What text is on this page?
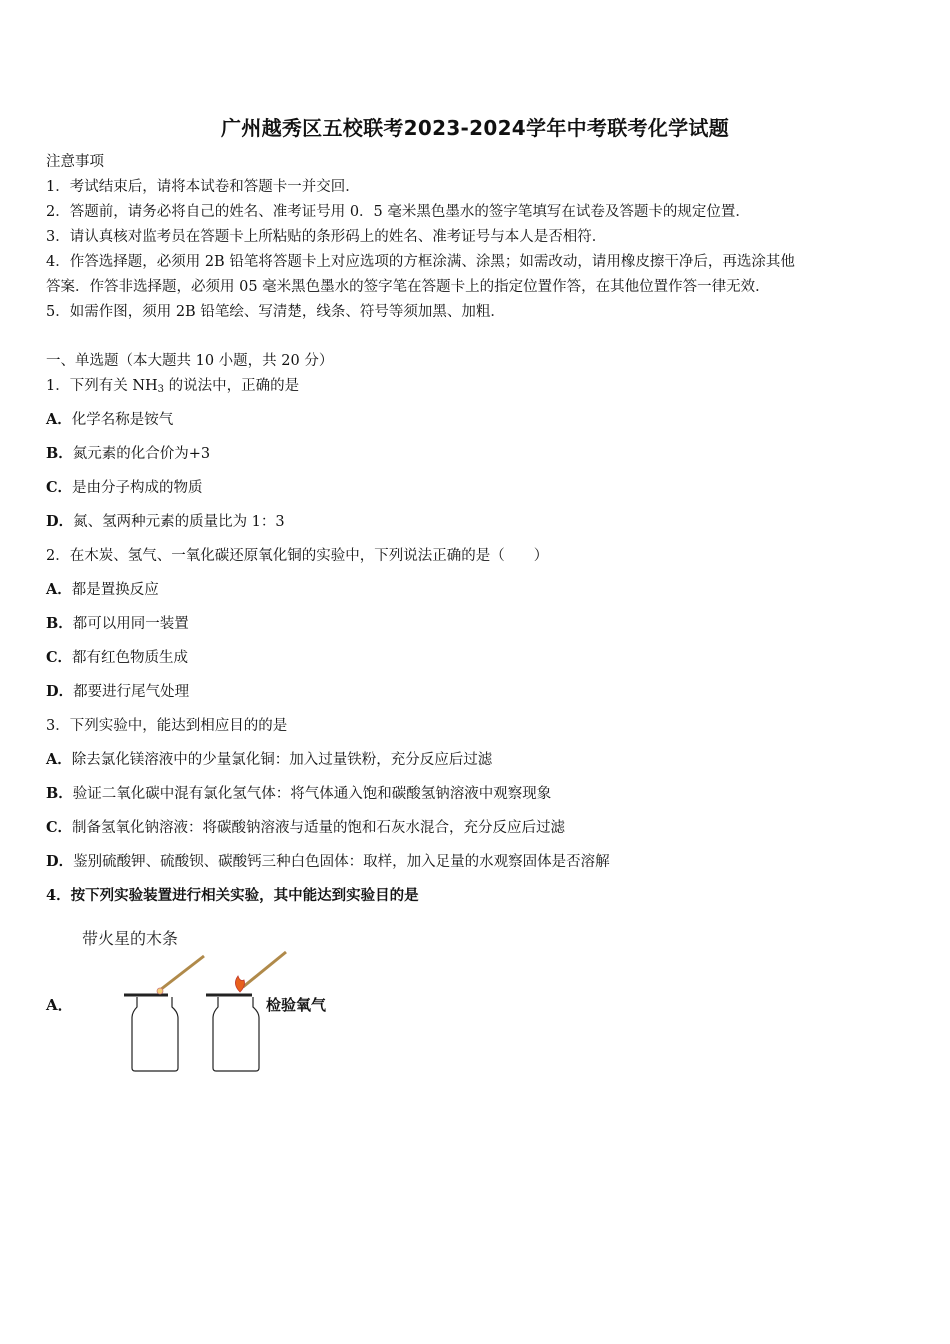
广州越秀区五校联考2023-2024学年中考联考化学试题
注意事项
1．考试结束后，请将本试卷和答题卡一并交回．
2．答题前，请务必将自己的姓名、准考证号用 0．5 毫米黑色墨水的签字笔填写在试卷及答题卡的规定位置．
3．请认真核对监考员在答题卡上所粘贴的条形码上的姓名、准考证号与本人是否相符．
4．作答选择题，必须用 2B 铅笔将答题卡上对应选项的方框涂满、涂黑；如需改动，请用橡皮擦干净后，再选涂其他
答案．作答非选择题，必须用 05 毫米黑色墨水的签字笔在答题卡上的指定位置作答，在其他位置作答一律无效．
5．如需作图，须用 2B 铅笔绘、写清楚，线条、符号等须加黑、加粗．
一、单选题（本大题共 10 小题，共 20 分）
1．下列有关 $NH_3$ 的说法中，正确的是
A．化学名称是铵气
B．氮元素的化合价为+3
C．是由分子构成的物质
D．氮、氢两种元素的质量比为 1：3
2．在木炭、氢气、一氧化碳还原氧化铜的实验中，下列说法正确的是（　　）
A．都是置换反应
B．都可以用同一装置
C．都有红色物质生成
D．都要进行尾气处理
3．下列实验中，能达到相应目的的是
A．除去氯化镁溶液中的少量氯化铜：加入过量铁粉，充分反应后过滤
B．验证二氧化碳中混有氯化氢气体：将气体通入饱和碳酸氢钠溶液中观察现象
C．制备氢氧化钠溶液：将碳酸钠溶液与适量的饱和石灰水混合，充分反应后过滤
D．鉴别硫酸钾、硫酸钡、碳酸钙三种白色固体：取样，加入足量的水观察固体是否溶解
4．按下列实验装置进行相关实验，其中能达到实验目的是
带火星的木条
A．	检验氧气
